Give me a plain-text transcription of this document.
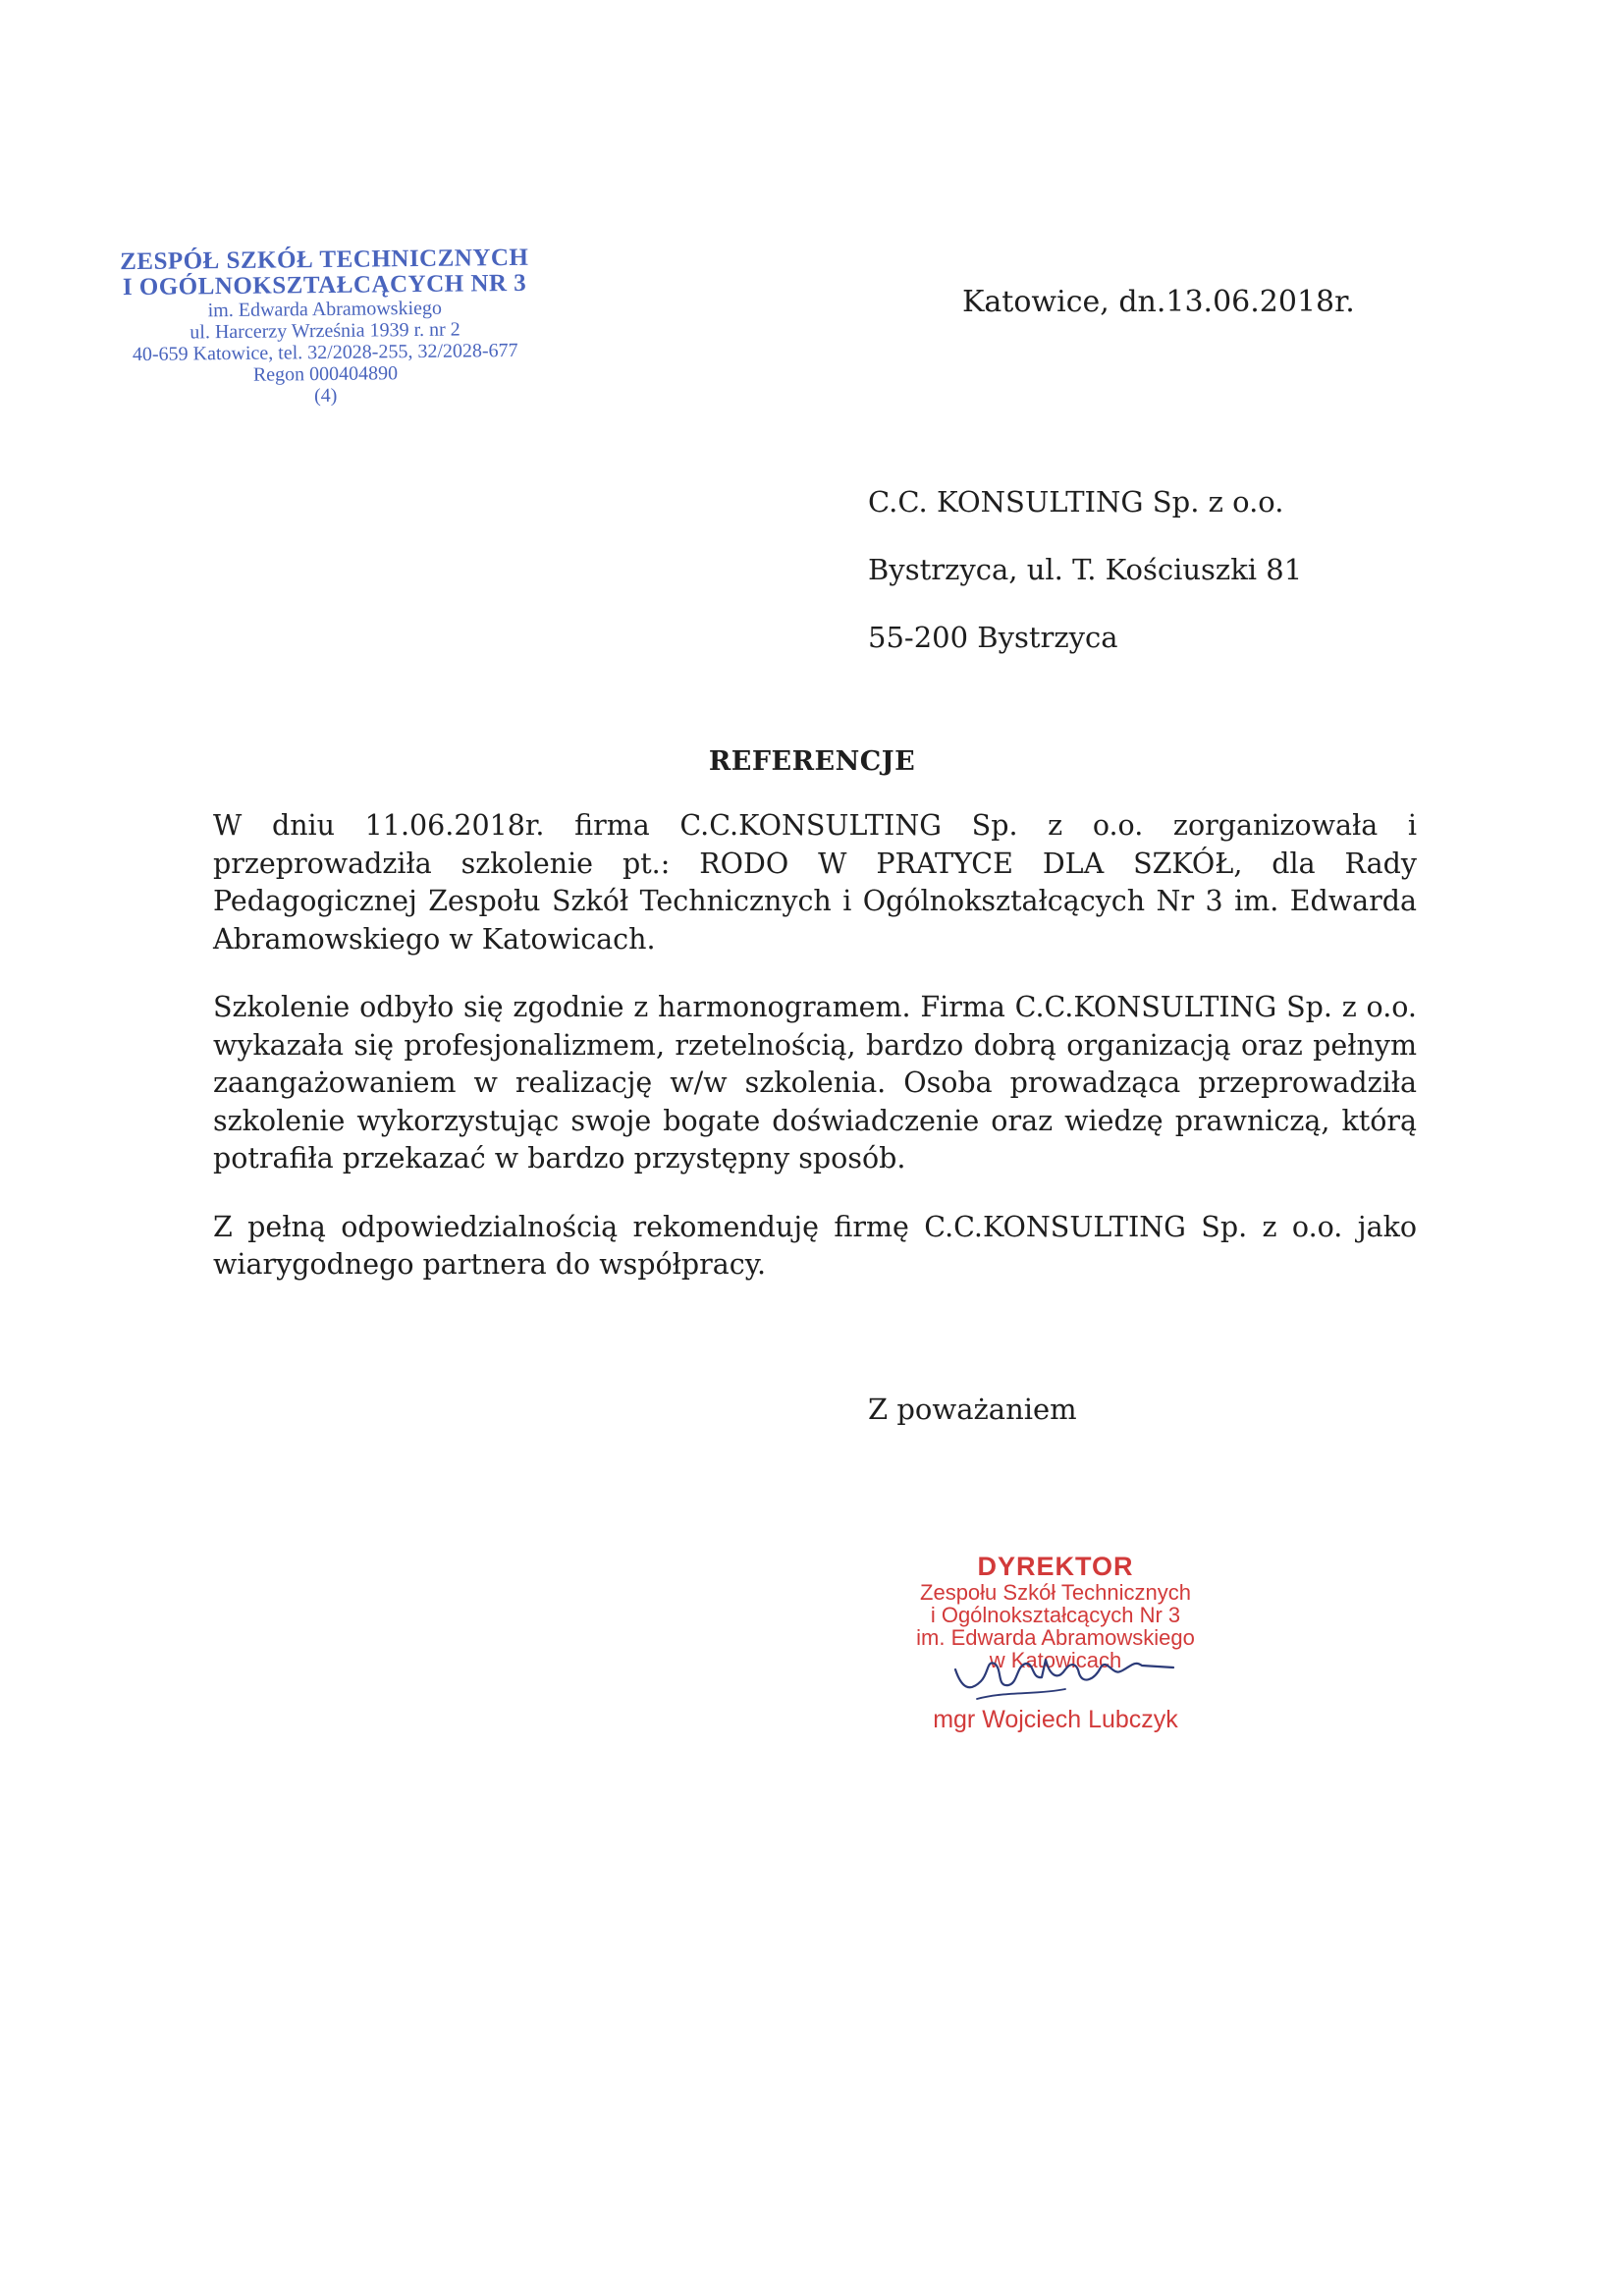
ZESPÓŁ SZKÓŁ TECHNICZNYCH
I OGÓLNOKSZTAŁCĄCYCH NR 3
im. Edwarda Abramowskiego
ul. Harcerzy Września 1939 r. nr 2
40-659 Katowice, tel. 32/2028-255, 32/2028-677
Regon 000404890
(4)
Katowice, dn.13.06.2018r.
C.C. KONSULTING Sp. z o.o.
Bystrzyca, ul. T. Kościuszki 81
55-200 Bystrzyca
REFERENCJE

W dniu 11.06.2018r. firma C.C.KONSULTING Sp. z o.o. zorganizowała i przeprowadziła szkolenie pt.: RODO W PRATYCE DLA SZKÓŁ, dla Rady Pedagogicznej Zespołu Szkół Technicznych i Ogólnokształcących Nr 3 im. Edwarda Abramowskiego w Katowicach.

Szkolenie odbyło się zgodnie z harmonogramem. Firma C.C.KONSULTING Sp. z o.o. wykazała się profesjonalizmem, rzetelnością, bardzo dobrą organizacją oraz pełnym zaangażowaniem w realizację w/w szkolenia. Osoba prowadząca przeprowadziła szkolenie wykorzystując swoje bogate doświadczenie oraz wiedzę prawniczą, którą potrafiła przekazać w bardzo przystępny sposób.

Z pełną odpowiedzialnością rekomenduję firmę C.C.KONSULTING Sp. z o.o. jako wiarygodnego partnera do współpracy.

Z poważaniem
DYREKTOR
Zespołu Szkół Technicznych
i Ogólnokształcących Nr 3
im. Edwarda Abramowskiego
w Katowicach
mgr Wojciech Lubczyk
